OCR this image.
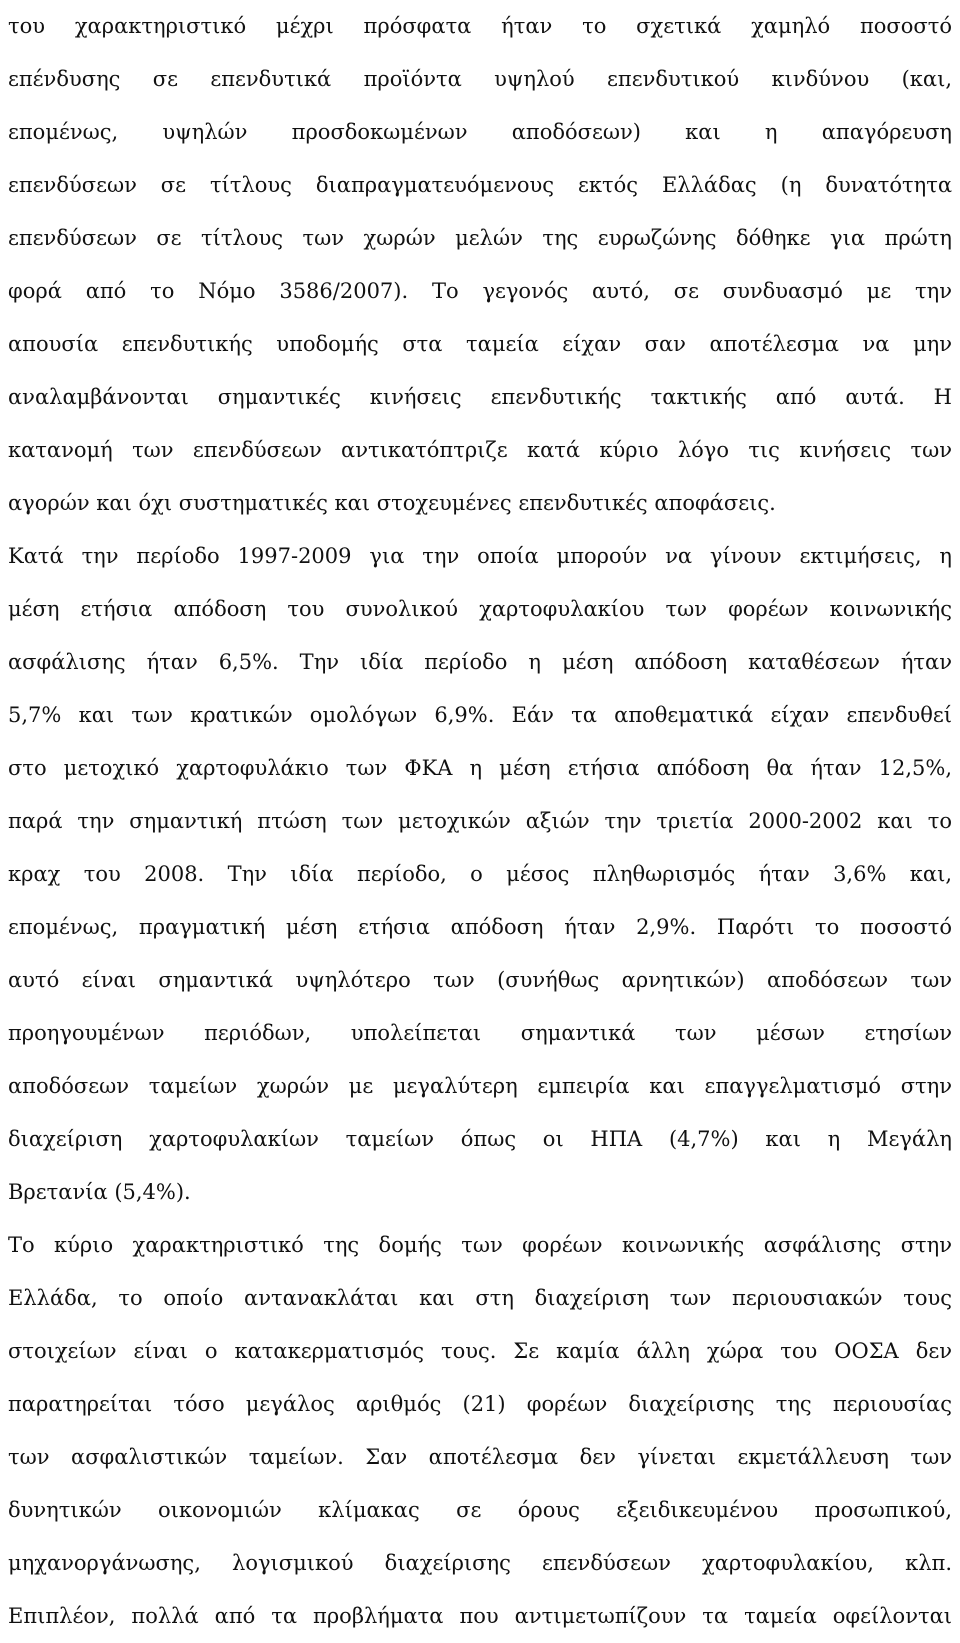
του χαρακτηριστικό μέχρι πρόσφατα ήταν το σχετικά χαμηλό ποσοστό
επένδυσης σε επενδυτικά προϊόντα υψηλού επενδυτικού κινδύνου (και,
επομένως, υψηλών προσδοκωμένων αποδόσεων) και η απαγόρευση
επενδύσεων σε τίτλους διαπραγματευόμενους εκτός Ελλάδας (η δυνατότητα
επενδύσεων σε τίτλους των χωρών μελών της ευρωζώνης δόθηκε για πρώτη
φορά από το Νόμο 3586/2007). Το γεγονός αυτό, σε συνδυασμό με την
απουσία επενδυτικής υποδομής στα ταμεία είχαν σαν αποτέλεσμα να μην
αναλαμβάνονται σημαντικές κινήσεις επενδυτικής τακτικής από αυτά. Η
κατανομή των επενδύσεων αντικατόπτριζε κατά κύριο λόγο τις κινήσεις των
αγορών και όχι συστηματικές και στοχευμένες επενδυτικές αποφάσεις.
Κατά την περίοδο 1997-2009 για την οποία μπορούν να γίνουν εκτιμήσεις, η
μέση ετήσια απόδοση του συνολικού χαρτοφυλακίου των φορέων κοινωνικής
ασφάλισης ήταν 6,5%. Την ιδία περίοδο η μέση απόδοση καταθέσεων ήταν
5,7% και των κρατικών ομολόγων 6,9%. Εάν τα αποθεματικά είχαν επενδυθεί
στο μετοχικό χαρτοφυλάκιο των ΦΚΑ η μέση ετήσια απόδοση θα ήταν 12,5%,
παρά την σημαντική πτώση των μετοχικών αξιών την τριετία 2000-2002 και το
κραχ του 2008. Την ιδία περίοδο, ο μέσος πληθωρισμός ήταν 3,6% και,
επομένως, πραγματική μέση ετήσια απόδοση ήταν 2,9%. Παρότι το ποσοστό
αυτό είναι σημαντικά υψηλότερο των (συνήθως αρνητικών) αποδόσεων των
προηγουμένων περιόδων, υπολείπεται σημαντικά των μέσων ετησίων
αποδόσεων ταμείων χωρών με μεγαλύτερη εμπειρία και επαγγελματισμό στην
διαχείριση χαρτοφυλακίων ταμείων όπως οι ΗΠΑ (4,7%) και η Μεγάλη
Βρετανία (5,4%).
Το κύριο χαρακτηριστικό της δομής των φορέων κοινωνικής ασφάλισης στην
Ελλάδα, το οποίο αντανακλάται και στη διαχείριση των περιουσιακών τους
στοιχείων είναι ο κατακερματισμός τους. Σε καμία άλλη χώρα του ΟΟΣΑ δεν
παρατηρείται τόσο μεγάλος αριθμός (21) φορέων διαχείρισης της περιουσίας
των ασφαλιστικών ταμείων. Σαν αποτέλεσμα δεν γίνεται εκμετάλλευση των
δυνητικών οικονομιών κλίμακας σε όρους εξειδικευμένου προσωπικού,
μηχανοργάνωσης, λογισμικού διαχείρισης επενδύσεων χαρτοφυλακίου, κλπ.
Επιπλέον, πολλά από τα προβλήματα που αντιμετωπίζουν τα ταμεία οφείλονται
